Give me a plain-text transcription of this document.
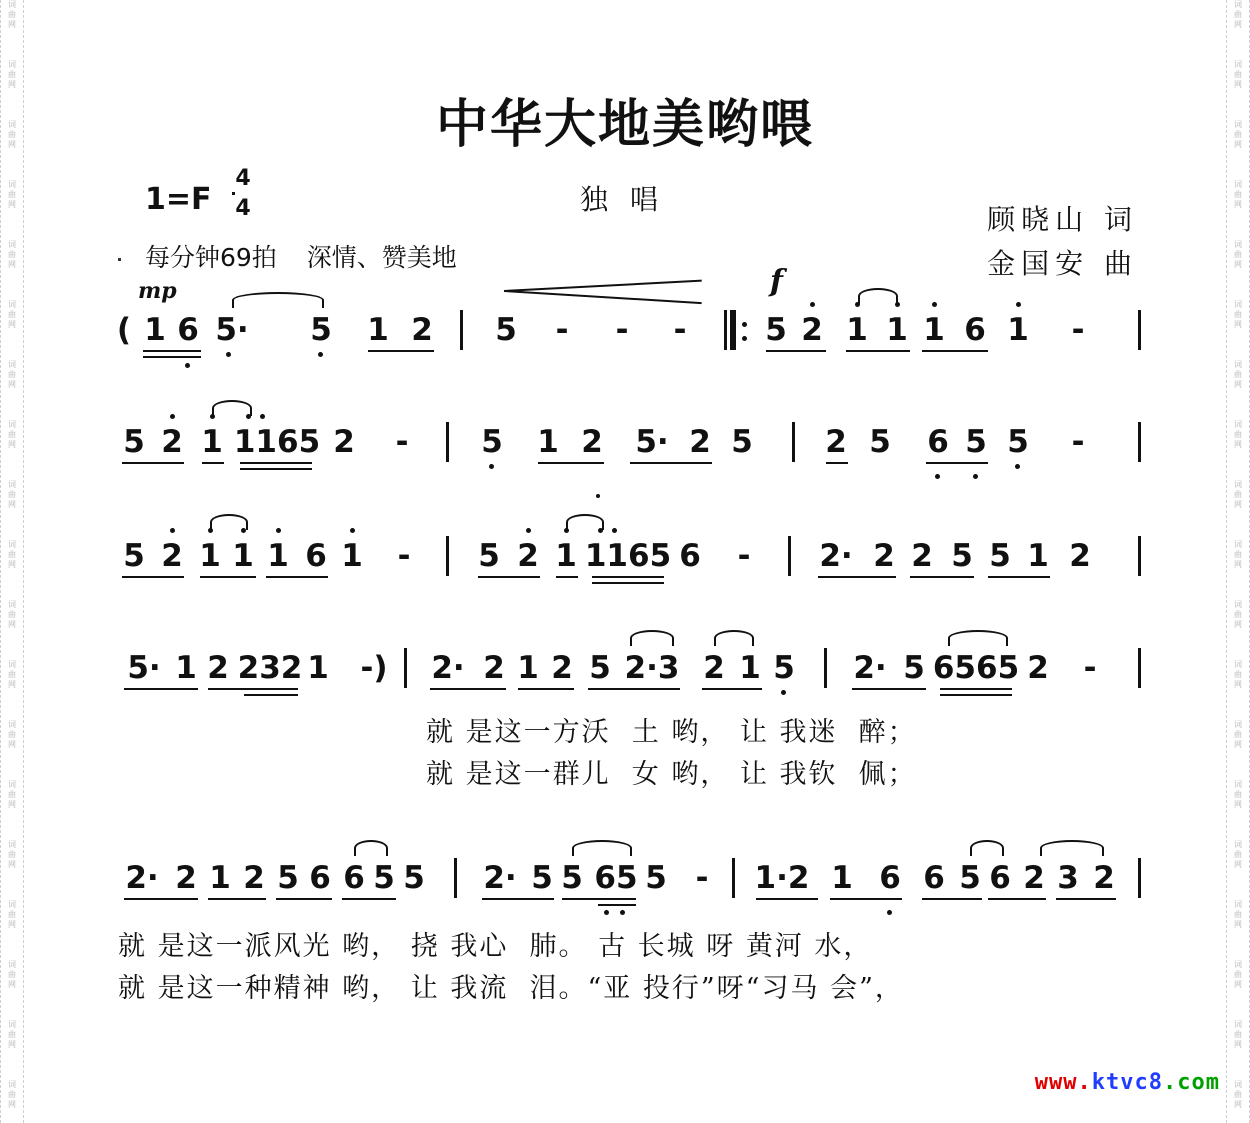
词
曲
网
词
曲
网
词
曲
网
词
曲
网
词
曲
网
词
曲
网
词
曲
网
词
曲
网
词
曲
网
词
曲
网
词
曲
网
词
曲
网
词
曲
网
词
曲
网
词
曲
网
词
曲
网
词
曲
网
词
曲
网
词
曲
网
词
曲
网
词
曲
网
词
曲
网
词
曲
网
词
曲
网
词
曲
网
词
曲
网
词
曲
网
词
曲
网
词
曲
网
词
曲
网
词
曲
网
词
曲
网
词
曲
网
词
曲
网
词
曲
网
词
曲
网
词
曲
网
词
曲
网
中华大地美哟喂
1=F
4
4	独唱
顾晓山 词
金国安 曲
每分钟69拍 深情、赞美地
mp
( 1 6 5· 5 1 2 5 - - -
f
5 2 1 1 1 6 1 -
5 2 1 1165 2 - 5 1 2 5· 2 5 2 5 6 5 5 -
5 2 1 1 1 6 1 - 5 2 1 1165 6 - 2· 2 2 5 5 1 2
5· 1 2 232 1 -) 2· 2 1 2 5 2·3 2 1 5 2· 5 6565 2 -
就 是这一方沃  土 哟， 让 我迷  醉；
就 是这一群儿  女 哟， 让 我钦  佩；
2· 2 1 2 5 6 6 5 5 2· 5 5 65 5 - 1·2 1 6 6 5 6 2 3 2
就 是这一派风光 哟， 挠 我心  肺。 古 长城 呀 黄河 水，
就 是这一种精神 哟， 让 我流  泪。“亚 投行”呀“习马 会”，
www.ktvc8.com
